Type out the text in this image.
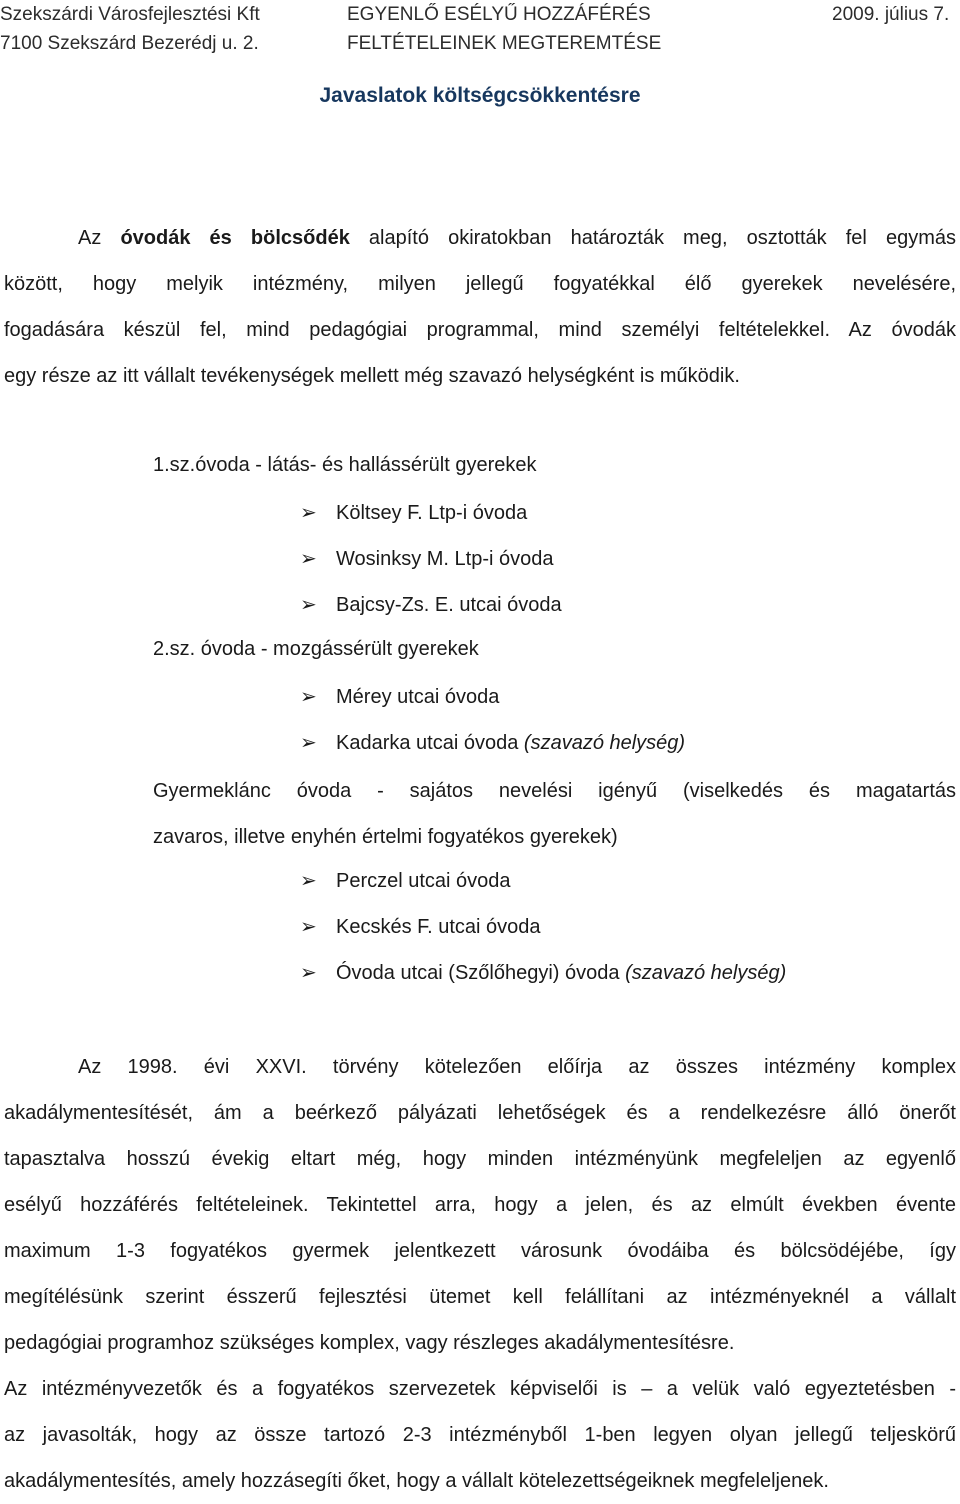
Szekszárdi Városfejlesztési Kft
7100 Szekszárd Bezerédj u. 2.
EGYENLŐ ESÉLYŰ HOZZÁFÉRÉS
FELTÉTELEINEK MEGTEREMTÉSE
2009. július 7.
Javaslatok költségcsökkentésre
Az óvodák és bölcsődék alapító okiratokban határozták meg, osztották fel egymás
között, hogy melyik intézmény, milyen jellegű fogyatékkal élő gyerekek nevelésére,
fogadására készül fel, mind pedagógiai programmal, mind személyi feltételekkel. Az óvodák
egy része az itt vállalt tevékenységek mellett még szavazó helységként is működik.
1.sz.óvoda - látás- és hallássérült gyerekek
➢ Költsey F. Ltp-i óvoda
➢ Wosinksy M. Ltp-i óvoda
➢ Bajcsy-Zs. E. utcai óvoda
2.sz. óvoda - mozgássérült gyerekek
➢ Mérey utcai óvoda
➢ Kadarka utcai óvoda (szavazó helység)
Gyermeklánc óvoda - sajátos nevelési igényű (viselkedés és magatartás
zavaros, illetve enyhén értelmi fogyatékos gyerekek)
➢ Perczel utcai óvoda
➢ Kecskés F. utcai óvoda
➢ Óvoda utcai (Szőlőhegyi) óvoda (szavazó helység)
Az 1998. évi XXVI. törvény kötelezően előírja az összes intézmény komplex
akadálymentesítését, ám a beérkező pályázati lehetőségek és a rendelkezésre álló önerőt
tapasztalva hosszú évekig eltart még, hogy minden intézményünk megfeleljen az egyenlő
esélyű hozzáférés feltételeinek. Tekintettel arra, hogy a jelen, és az elmúlt években évente
maximum 1-3 fogyatékos gyermek jelentkezett városunk óvodáiba és bölcsödéjébe, így
megítélésünk szerint ésszerű fejlesztési ütemet kell felállítani az intézményeknél a vállalt
pedagógiai programhoz szükséges komplex, vagy részleges akadálymentesítésre.
Az intézményvezetők és a fogyatékos szervezetek képviselői is – a velük való egyeztetésben -
az javasolták, hogy az össze tartozó 2-3 intézményből 1-ben legyen olyan jellegű teljeskörű
akadálymentesítés, amely hozzásegíti őket, hogy a vállalt kötelezettségeiknek megfeleljenek.
